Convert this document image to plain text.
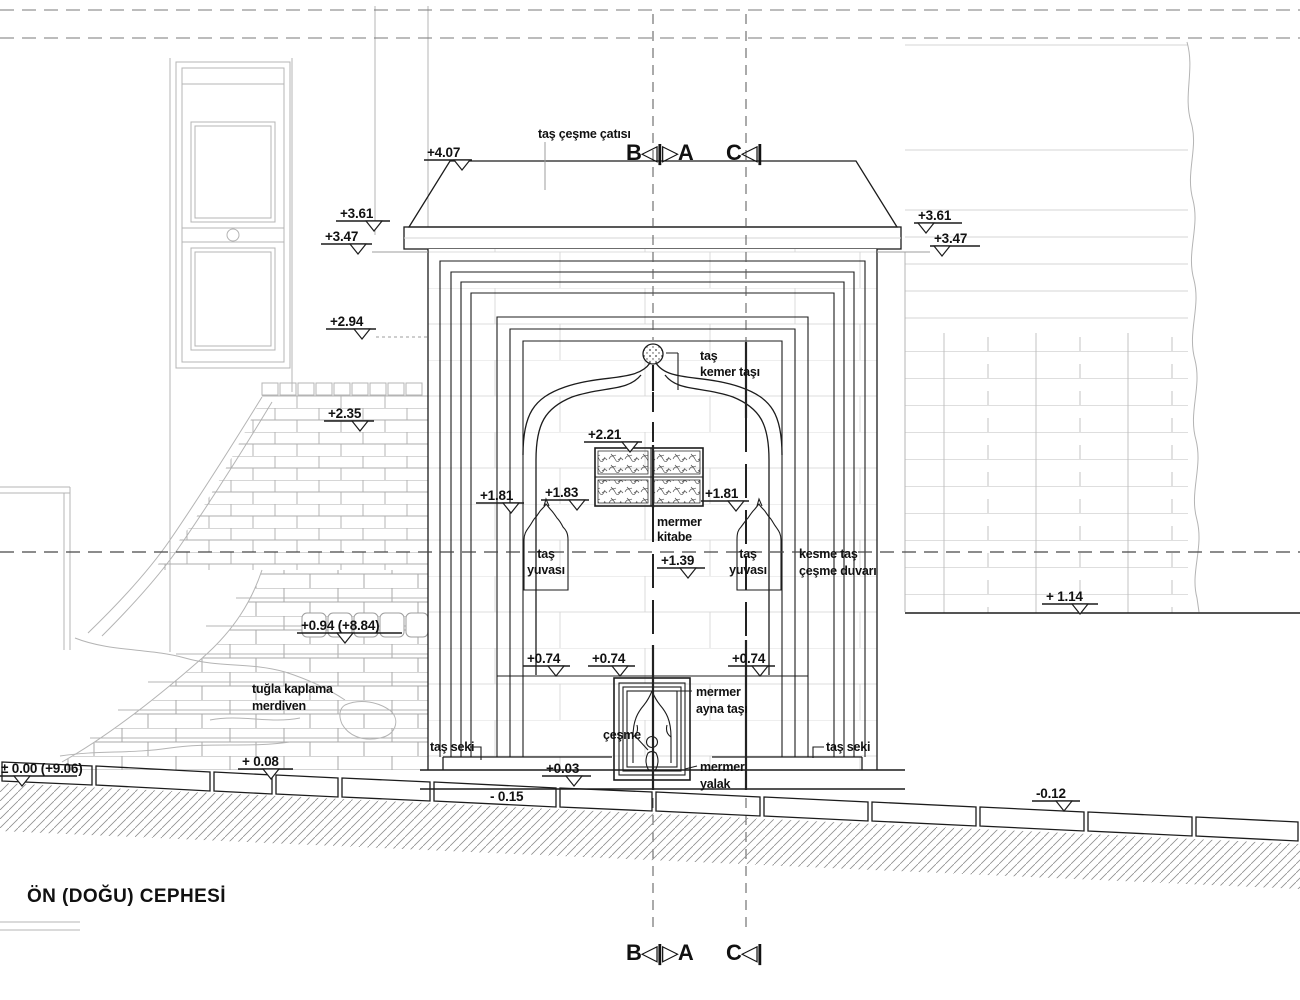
+4.07
+3.61
+3.47
+3.61
+3.47
+2.94
+2.35
+2.21
+1.81 +1.83	+1.81
+1.39
+ 1.14
+0.94 (+8.84)
+0.74 +0.74	+0.74
+ 0.08
± 0.00 (+9.06)	+0.03
- 0.15	-0.12
taş çeşme çatısı
taş
kemer taşı
mermer
kitabe
taş
yuvası
taş
yuvası
kesme taş
çeşme duvarı
tuğla kaplama
merdiven
taş seki	taş seki
çeşme
mermer
ayna taşı
mermer
yalak
B◁|▷A C◁|
B◁|▷A C◁|
ÖN (DOĞU) CEPHESİ
